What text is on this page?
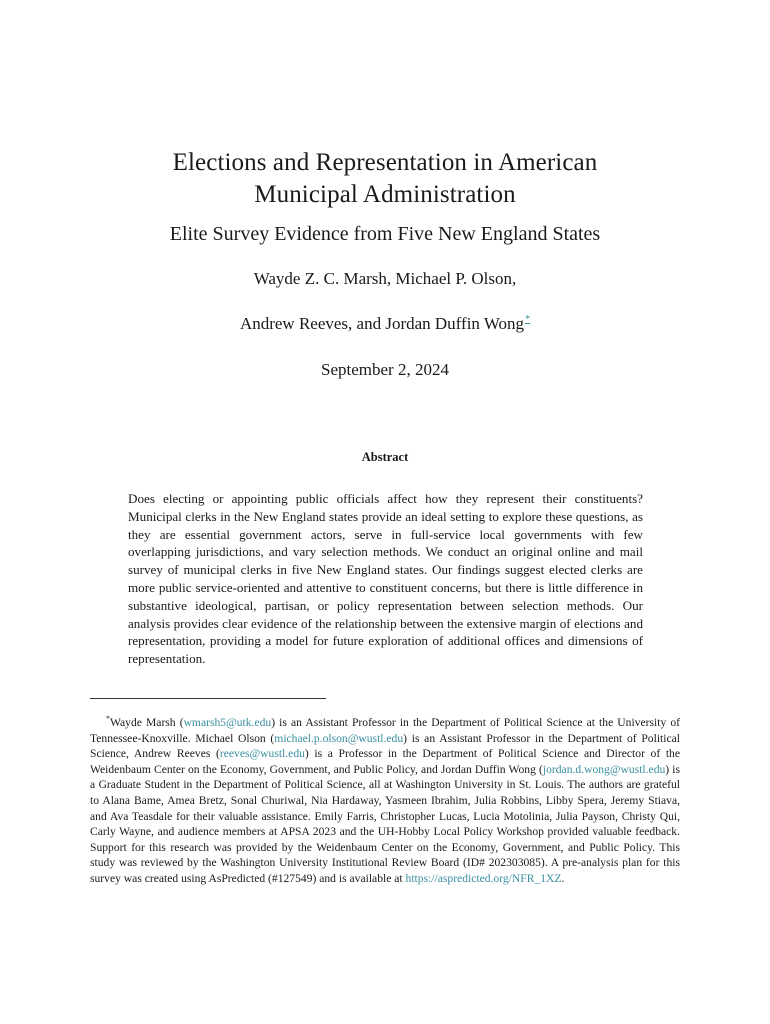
Elections and Representation in American
Municipal Administration
Elite Survey Evidence from Five New England States
Wayde Z. C. Marsh, Michael P. Olson,
Andrew Reeves, and Jordan Duffin Wong*
September 2, 2024
Abstract
Does electing or appointing public officials affect how they represent their constituents? Municipal clerks in the New England states provide an ideal setting to explore these questions, as they are essential government actors, serve in full-service local governments with few overlapping jurisdictions, and vary selection methods. We conduct an original online and mail survey of municipal clerks in five New England states. Our findings suggest elected clerks are more public service-oriented and attentive to constituent concerns, but there is little difference in substantive ideological, partisan, or policy representation between selection methods. Our analysis provides clear evidence of the relationship between the extensive margin of elections and representation, providing a model for future exploration of additional offices and dimensions of representation.
*Wayde Marsh (wmarsh5@utk.edu) is an Assistant Professor in the Department of Political Science at the University of Tennessee-Knoxville. Michael Olson (michael.p.olson@wustl.edu) is an Assistant Professor in the Department of Political Science, Andrew Reeves (reeves@wustl.edu) is a Professor in the Department of Political Science and Director of the Weidenbaum Center on the Economy, Government, and Public Policy, and Jordan Duffin Wong (jordan.d.wong@wustl.edu) is a Graduate Student in the Department of Political Science, all at Washington University in St. Louis. The authors are grateful to Alana Bame, Amea Bretz, Sonal Churiwal, Nia Hardaway, Yasmeen Ibrahim, Julia Robbins, Libby Spera, Jeremy Stiava, and Ava Teasdale for their valuable assistance. Emily Farris, Christopher Lucas, Lucia Motolinia, Julia Payson, Christy Qui, Carly Wayne, and audience members at APSA 2023 and the UH-Hobby Local Policy Workshop provided valuable feedback. Support for this research was provided by the Weidenbaum Center on the Economy, Government, and Public Policy. This study was reviewed by the Washington University Institutional Review Board (ID# 202303085). A pre-analysis plan for this survey was created using AsPredicted (#127549) and is available at https://aspredicted.org/NFR_1XZ.
